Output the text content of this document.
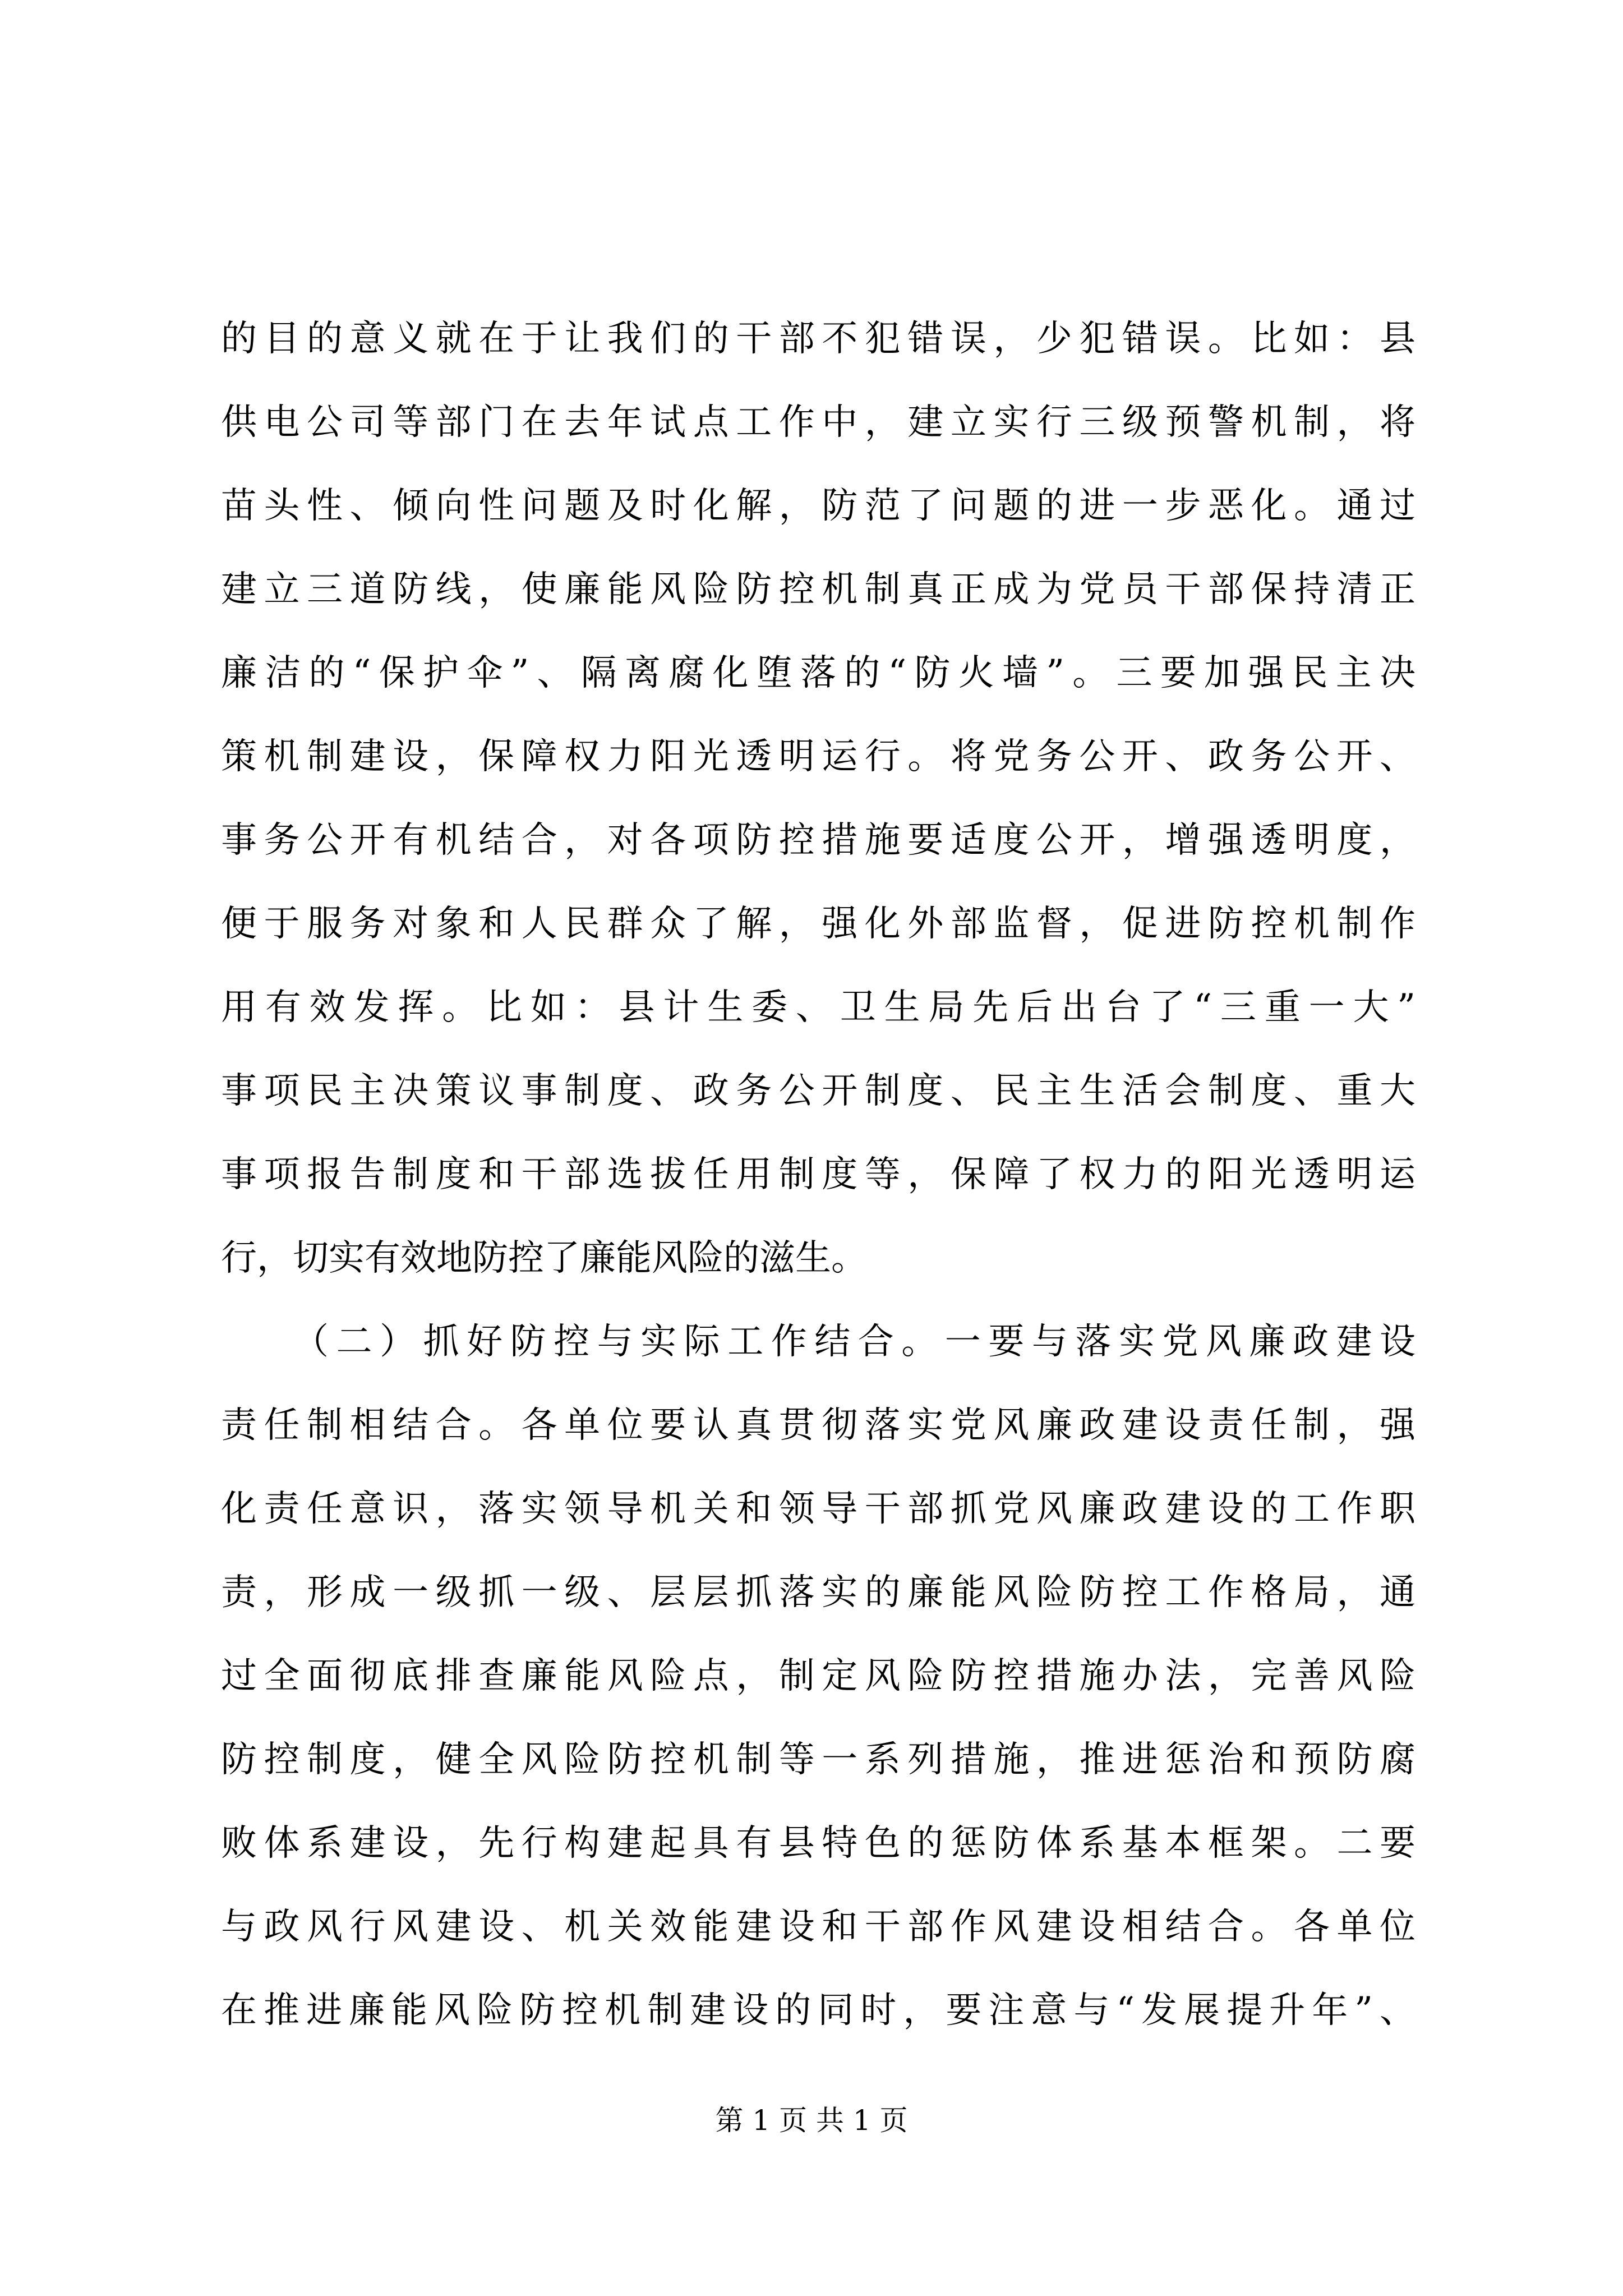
的目的意义就在于让我们的干部不犯错误，少犯错误。比如：县
供电公司等部门在去年试点工作中，建立实行三级预警机制，将
苗头性、倾向性问题及时化解，防范了问题的进一步恶化。通过
建立三道防线，使廉能风险防控机制真正成为党员干部保持清正
廉洁的“保护伞”、隔离腐化堕落的“防火墙”。三要加强民主决
策机制建设，保障权力阳光透明运行。将党务公开、政务公开、
事务公开有机结合，对各项防控措施要适度公开，增强透明度，
便于服务对象和人民群众了解，强化外部监督，促进防控机制作
用有效发挥。比如：县计生委、卫生局先后出台了“三重一大”
事项民主决策议事制度、政务公开制度、民主生活会制度、重大
事项报告制度和干部选拔任用制度等，保障了权力的阳光透明运
行，切实有效地防控了廉能风险的滋生。
（二）抓好防控与实际工作结合。一要与落实党风廉政建设
责任制相结合。各单位要认真贯彻落实党风廉政建设责任制，强
化责任意识，落实领导机关和领导干部抓党风廉政建设的工作职
责，形成一级抓一级、层层抓落实的廉能风险防控工作格局，通
过全面彻底排查廉能风险点，制定风险防控措施办法，完善风险
防控制度，健全风险防控机制等一系列措施，推进惩治和预防腐
败体系建设，先行构建起具有县特色的惩防体系基本框架。二要
与政风行风建设、机关效能建设和干部作风建设相结合。各单位
在推进廉能风险防控机制建设的同时，要注意与“发展提升年”、
第 1 页 共 1 页
